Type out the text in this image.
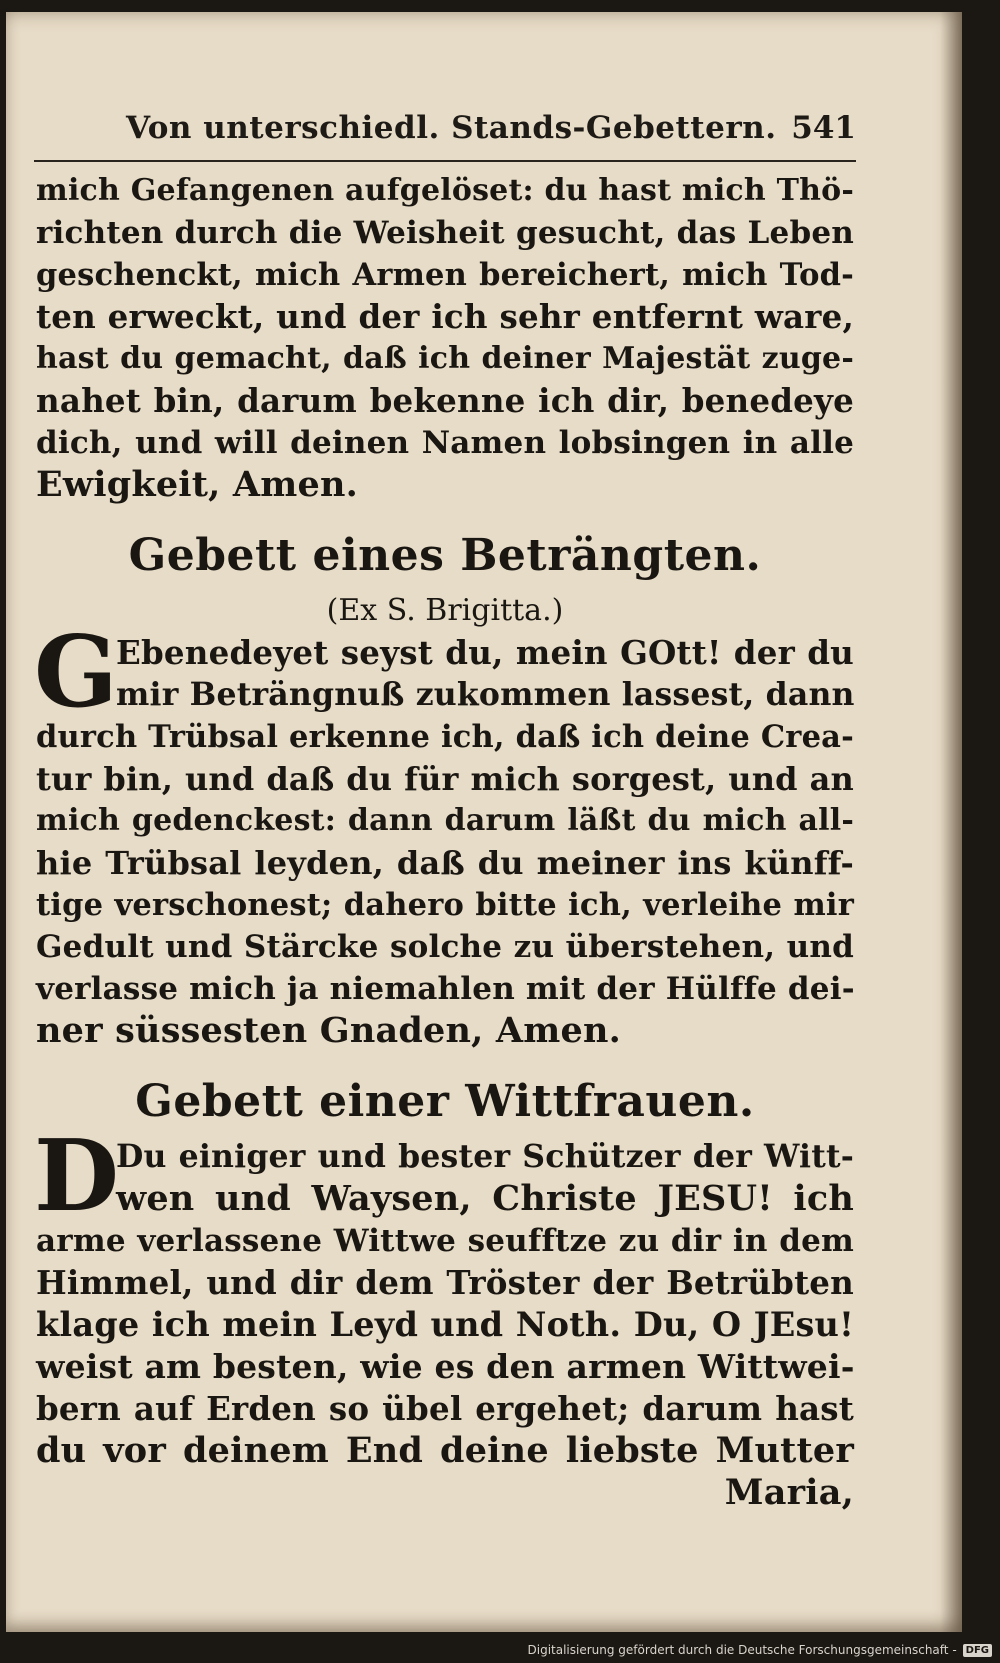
Von unterschiedl. Stands-Gebettern. 541
mich Gefangenen aufgelöset: du hast mich Thö-
richten durch die Weisheit gesucht, das Leben
geschenckt, mich Armen bereichert, mich Tod-
ten erweckt, und der ich sehr entfernt ware,
hast du gemacht, daß ich deiner Majestät zuge-
nahet bin, darum bekenne ich dir, benedeye
dich, und will deinen Namen lobsingen in alle
Ewigkeit, Amen.
Gebett eines Beträngten.
(Ex S. Brigitta.)
G
Ebenedeyet seyst du, mein GOtt! der du
mir Beträngnuß zukommen lassest, dann
durch Trübsal erkenne ich, daß ich deine Crea-
tur bin, und daß du für mich sorgest, und an
mich gedenckest: dann darum läßt du mich all-
hie Trübsal leyden, daß du meiner ins künff-
tige verschonest; dahero bitte ich, verleihe mir
Gedult und Stärcke solche zu überstehen, und
verlasse mich ja niemahlen mit der Hülffe dei-
ner süssesten Gnaden, Amen.
Gebett einer Wittfrauen.
D
Du einiger und bester Schützer der Witt-
wen und Waysen, Christe JESU! ich
arme verlassene Wittwe seufftze zu dir in dem
Himmel, und dir dem Tröster der Betrübten
klage ich mein Leyd und Noth. Du, O JEsu!
weist am besten, wie es den armen Wittwei-
bern auf Erden so übel ergehet; darum hast
du vor deinem End deine liebste Mutter
Maria,
Digitalisierung gefördert durch die Deutsche Forschungsgemeinschaft - DFG
